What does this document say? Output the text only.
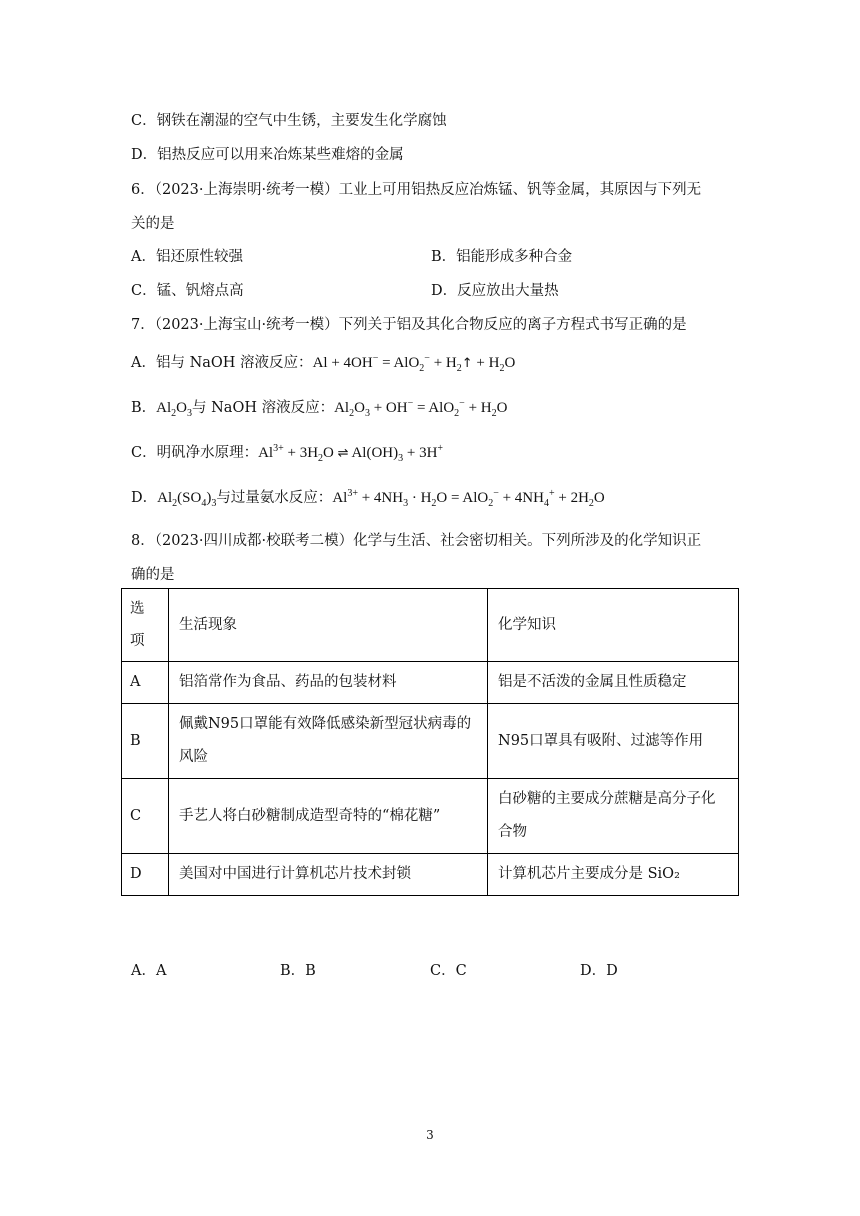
C．钢铁在潮湿的空气中生锈，主要发生化学腐蚀
D．铝热反应可以用来冶炼某些难熔的金属
6．（2023·上海崇明·统考一模）工业上可用铝热反应冶炼锰、钒等金属，其原因与下列无
关的是
A．铝还原性较强	B．铝能形成多种合金
C．锰、钒熔点高	D．反应放出大量热
7．（2023·上海宝山·统考一模）下列关于铝及其化合物反应的离子方程式书写正确的是
A．铝与 NaOH 溶液反应：$Al + 4OH^- = AlO_2^- + H_2↑ + H_2O$
B．$Al_2O_3$与 NaOH 溶液反应：$Al_2O_3 + OH^- = AlO_2^- + H_2O$
C．明矾净水原理：$Al^{3+} + 3H_2O$ ⇌ $Al(OH)_3 + 3H^+$
D．$Al_2(SO_4)_3$与过量氨水反应：$Al^{3+} + 4NH_3 \cdot H_2O = AlO_2^- + 4NH_4^+ + 2H_2O$
8．（2023·四川成都·校联考二模）化学与生活、社会密切相关。下列所涉及的化学知识正
确的是
选项	生活现象	化学知识
A	铝箔常作为食品、药品的包装材料	铝是不活泼的金属且性质稳定
B	佩戴N95口罩能有效降低感染新型冠状病毒的风险	N95口罩具有吸附、过滤等作用
C	手艺人将白砂糖制成造型奇特的“棉花糖”	白砂糖的主要成分蔗糖是高分子化合物
D	美国对中国进行计算机芯片技术封锁	计算机芯片主要成分是 SiO₂
A．A	B．B	C．C	D．D
3
